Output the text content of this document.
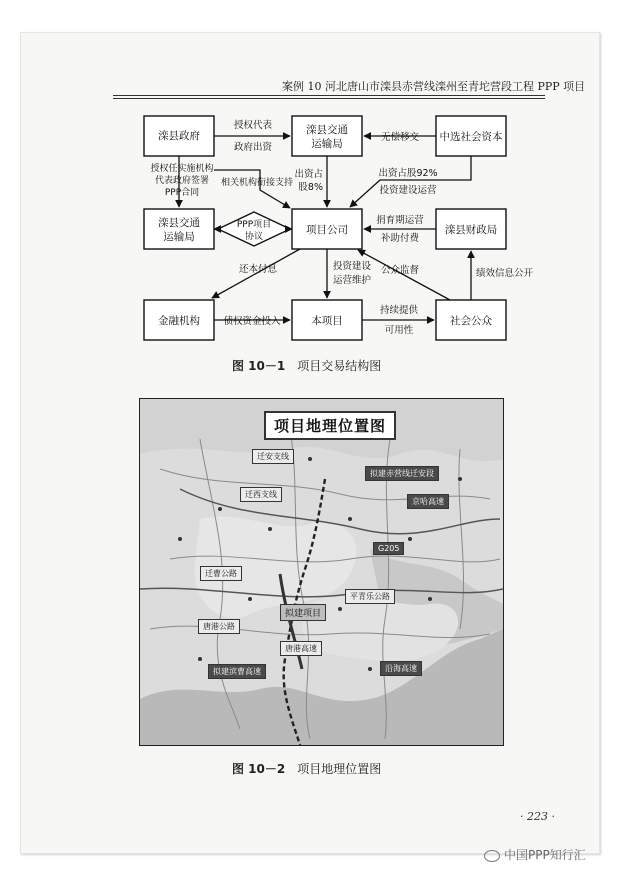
案例 10 河北唐山市滦县赤营线滦州至青坨营段工程 PPP 项目
滦县政府	滦县交通
运输局
中选社会资本
滦县交通
运输局
PPP项目
协议
项目公司	滦县财政局
金融机构	本项目	社会公众
授权代表
政府出资
无偿移交
授权任实施机构
代表政府签署
PPP合同
相关机构衔接支持
出资占
股8%
出资占股92%
投资建设运营
捐育期运营
补助付费
还本付息	投资建设
运营维护
公众监督	绩效信息公开
债权资金投入
持续提供
可用性
图 10－1 项目交易结构图
项目地理位置图
迁安支线
拟建赤营线迁安段
迁西支线
京哈高速
G205
迁曹公路
平青乐公路
拟建项目
唐港公路
唐港高速
拟建滨曹高速	沿海高速
图 10－2 项目地理位置图
· 223 ·
中国PPP知行汇
